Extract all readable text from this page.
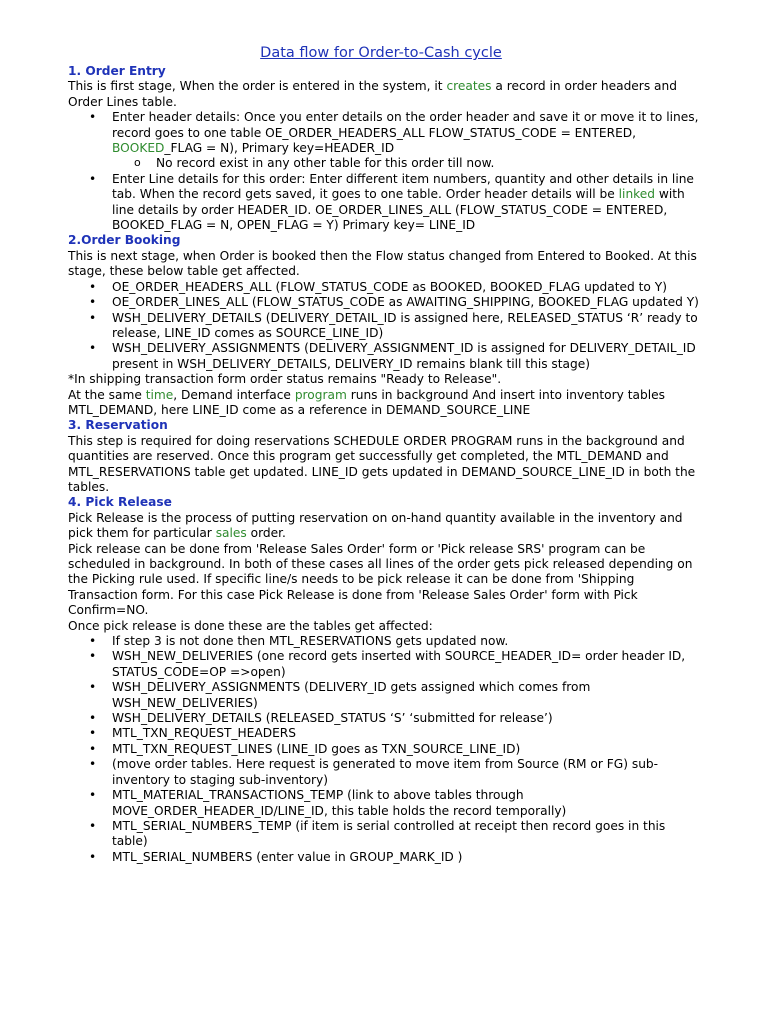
Data flow for Order-to-Cash cycle
1. Order Entry

This is first stage, When the order is entered in the system, it creates a record in order headers and Order Lines table.

• Enter header details: Once you enter details on the order header and save it or move it to lines, record goes to one table OE_ORDER_HEADERS_ALL FLOW_STATUS_CODE = ENTERED, BOOKED_FLAG = N), Primary key=HEADER_ID
o No record exist in any other table for this order till now.
• Enter Line details for this order: Enter different item numbers, quantity and other details in line tab. When the record gets saved, it goes to one table. Order header details will be linked with line details by order HEADER_ID. OE_ORDER_LINES_ALL (FLOW_STATUS_CODE = ENTERED, BOOKED_FLAG = N, OPEN_FLAG = Y) Primary key= LINE_ID
2.Order Booking

This is next stage, when Order is booked then the Flow status changed from Entered to Booked. At this stage, these below table get affected.

• OE_ORDER_HEADERS_ALL (FLOW_STATUS_CODE as BOOKED, BOOKED_FLAG updated to Y)
• OE_ORDER_LINES_ALL (FLOW_STATUS_CODE as AWAITING_SHIPPING, BOOKED_FLAG updated Y)
• WSH_DELIVERY_DETAILS (DELIVERY_DETAIL_ID is assigned here, RELEASED_STATUS ‘R’ ready to release, LINE_ID comes as SOURCE_LINE_ID)
• WSH_DELIVERY_ASSIGNMENTS (DELIVERY_ASSIGNMENT_ID is assigned for DELIVERY_DETAIL_ID present in WSH_DELIVERY_DETAILS, DELIVERY_ID remains blank till this stage)

*In shipping transaction form order status remains "Ready to Release".

At the same time, Demand interface program runs in background And insert into inventory tables MTL_DEMAND, here LINE_ID come as a reference in DEMAND_SOURCE_LINE

3. Reservation

This step is required for doing reservations SCHEDULE ORDER PROGRAM runs in the background and quantities are reserved. Once this program get successfully get completed, the MTL_DEMAND and MTL_RESERVATIONS table get updated. LINE_ID gets updated in DEMAND_SOURCE_LINE_ID in both the tables.

4. Pick Release

Pick Release is the process of putting reservation on on-hand quantity available in the inventory and pick them for particular sales order.

Pick release can be done from 'Release Sales Order' form or 'Pick release SRS' program can be scheduled in background. In both of these cases all lines of the order gets pick released depending on the Picking rule used. If specific line/s needs to be pick release it can be done from 'Shipping Transaction form. For this case Pick Release is done from 'Release Sales Order' form with Pick Confirm=NO.

Once pick release is done these are the tables get affected:

• If step 3 is not done then MTL_RESERVATIONS gets updated now.
• WSH_NEW_DELIVERIES (one record gets inserted with SOURCE_HEADER_ID= order header ID, STATUS_CODE=OP =>open)
• WSH_DELIVERY_ASSIGNMENTS (DELIVERY_ID gets assigned which comes from WSH_NEW_DELIVERIES)
• WSH_DELIVERY_DETAILS (RELEASED_STATUS ‘S’ ‘submitted for release’)
• MTL_TXN_REQUEST_HEADERS
• MTL_TXN_REQUEST_LINES (LINE_ID goes as TXN_SOURCE_LINE_ID)
• (move order tables. Here request is generated to move item from Source (RM or FG) sub-inventory to staging sub-inventory)
• MTL_MATERIAL_TRANSACTIONS_TEMP (link to above tables through MOVE_ORDER_HEADER_ID/LINE_ID, this table holds the record temporally)
• MTL_SERIAL_NUMBERS_TEMP (if item is serial controlled at receipt then record goes in this table)
• MTL_SERIAL_NUMBERS (enter value in GROUP_MARK_ID )
